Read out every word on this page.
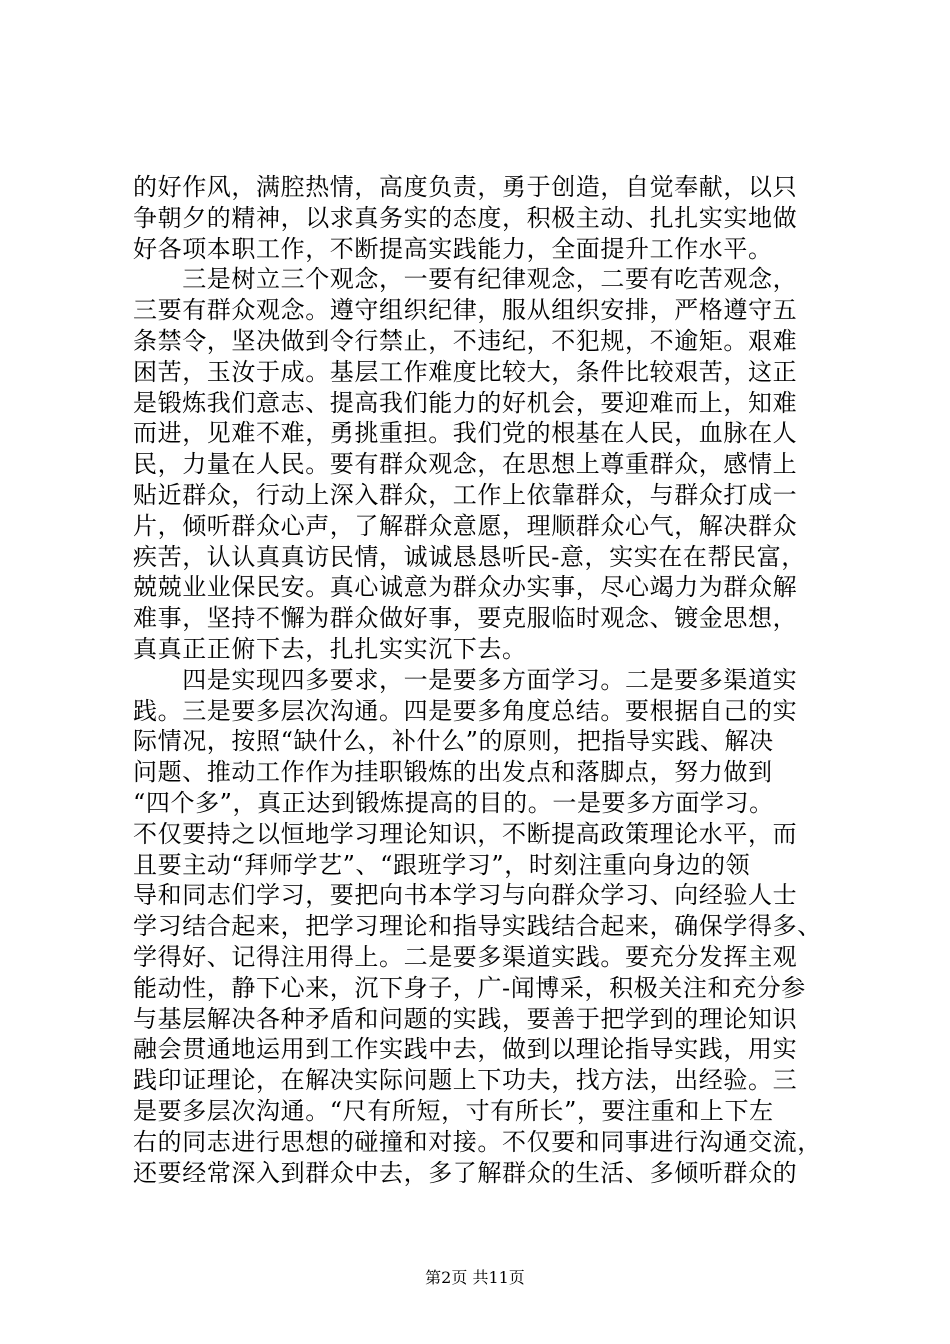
的好作风，满腔热情，高度负责，勇于创造，自觉奉献，以只
争朝夕的精神，以求真务实的态度，积极主动、扎扎实实地做
好各项本职工作，不断提高实践能力，全面提升工作水平。
　　三是树立三个观念，一要有纪律观念，二要有吃苦观念，
三要有群众观念。遵守组织纪律，服从组织安排，严格遵守五
条禁令，坚决做到令行禁止，不违纪，不犯规，不逾矩。艰难
困苦，玉汝于成。基层工作难度比较大，条件比较艰苦，这正
是锻炼我们意志、提高我们能力的好机会，要迎难而上，知难
而进，见难不难，勇挑重担。我们党的根基在人民，血脉在人
民，力量在人民。要有群众观念，在思想上尊重群众，感情上
贴近群众，行动上深入群众，工作上依靠群众，与群众打成一
片，倾听群众心声，了解群众意愿，理顺群众心气，解决群众
疾苦，认认真真访民情，诚诚恳恳听民-意，实实在在帮民富，
兢兢业业保民安。真心诚意为群众办实事，尽心竭力为群众解
难事，坚持不懈为群众做好事，要克服临时观念、镀金思想，
真真正正俯下去，扎扎实实沉下去。
　　四是实现四多要求，一是要多方面学习。二是要多渠道实
践。三是要多层次沟通。四是要多角度总结。要根据自己的实
际情况，按照“缺什么，补什么”的原则，把指导实践、解决
问题、推动工作作为挂职锻炼的出发点和落脚点，努力做到
“四个多”，真正达到锻炼提高的目的。一是要多方面学习。
不仅要持之以恒地学习理论知识，不断提高政策理论水平，而
且要主动“拜师学艺”、“跟班学习”，时刻注重向身边的领
导和同志们学习，要把向书本学习与向群众学习、向经验人士
学习结合起来，把学习理论和指导实践结合起来，确保学得多、
学得好、记得注用得上。二是要多渠道实践。要充分发挥主观
能动性，静下心来，沉下身子，广-闻博采，积极关注和充分参
与基层解决各种矛盾和问题的实践，要善于把学到的理论知识
融会贯通地运用到工作实践中去，做到以理论指导实践，用实
践印证理论，在解决实际问题上下功夫，找方法，出经验。三
是要多层次沟通。“尺有所短，寸有所长”，要注重和上下左
右的同志进行思想的碰撞和对接。不仅要和同事进行沟通交流，
还要经常深入到群众中去，多了解群众的生活、多倾听群众的
第2页 共11页
